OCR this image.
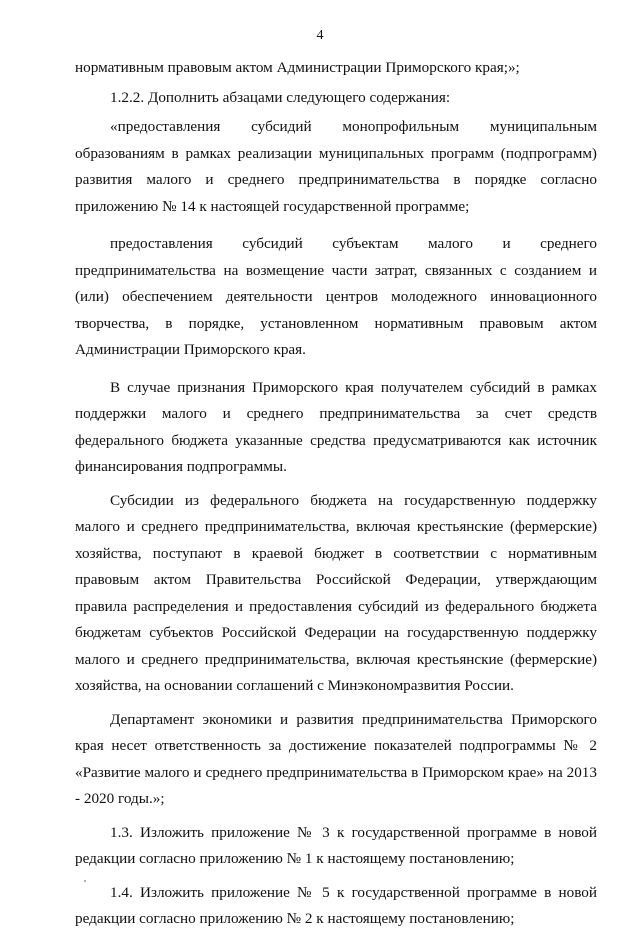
4

нормативным правовым актом Администрации Приморского края;»;

1.2.2. Дополнить абзацами следующего содержания:

«предоставления субсидий монопрофильным муниципальным образованиям в рамках реализации муниципальных программ (подпрограмм) развития малого и среднего предпринимательства в порядке согласно приложению № 14 к настоящей государственной программе;

предоставления субсидий субъектам малого и среднего предпринимательства на возмещение части затрат, связанных с созданием и (или) обеспечением деятельности центров молодежного инновационного творчества, в порядке, установленном нормативным правовым актом Администрации Приморского края.

В случае признания Приморского края получателем субсидий в рамках поддержки малого и среднего предпринимательства за счет средств федерального бюджета указанные средства предусматриваются как источник финансирования подпрограммы.

Субсидии из федерального бюджета на государственную поддержку малого и среднего предпринимательства, включая крестьянские (фермерские) хозяйства, поступают в краевой бюджет в соответствии с нормативным правовым актом Правительства Российской Федерации, утверждающим правила распределения и предоставления субсидий из федерального бюджета бюджетам субъектов Российской Федерации на государственную поддержку малого и среднего предпринимательства, включая крестьянские (фермерские) хозяйства, на основании соглашений с Минэкономразвития России.

Департамент экономики и развития предпринимательства Приморского края несет ответственность за достижение показателей подпрограммы № 2 «Развитие малого и среднего предпринимательства в Приморском крае» на 2013 - 2020 годы.»;

1.3. Изложить приложение № 3 к государственной программе в новой редакции согласно приложению № 1 к настоящему постановлению;

1.4. Изложить приложение № 5 к государственной программе в новой редакции согласно приложению № 2 к настоящему постановлению;
